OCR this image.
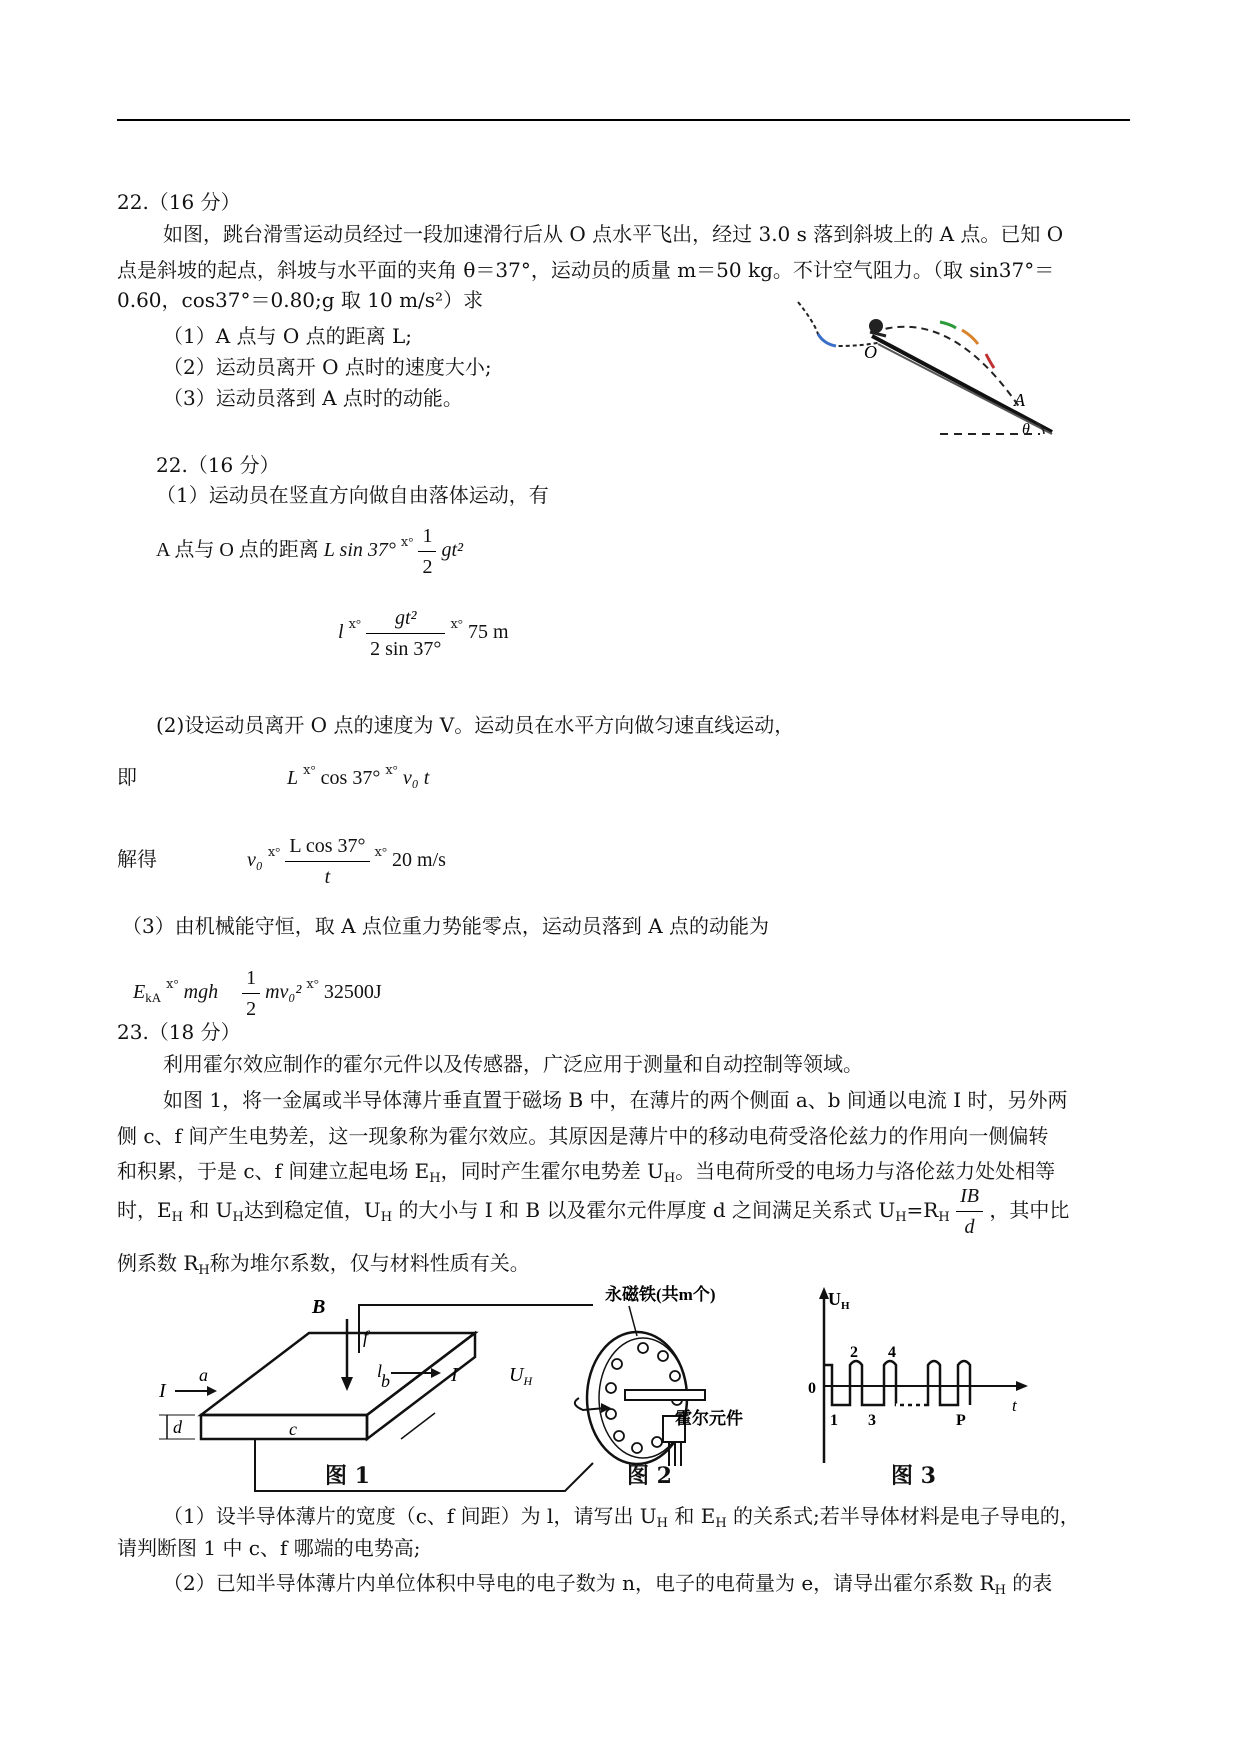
22.（16 分）
如图，跳台滑雪运动员经过一段加速滑行后从 O 点水平飞出，经过 3.0 s 落到斜坡上的 A 点。已知 O
点是斜坡的起点，斜坡与水平面的夹角 θ＝37°，运动员的质量 m＝50 kg。不计空气阻力。（取 sin37°＝
0.60，cos37°＝0.80;g 取 10 m/s²）求
（1）A 点与 O 点的距离 L;
（2）运动员离开 O 点时的速度大小;
（3）运动员落到 A 点时的动能。
O
A
θ
22.（16 分）
（1）运动员在竖直方向做自由落体运动，有
A 点与 O 点的距离 L sin 37° $^{ⅹ^\circ} \frac{1}{2} gt^2$
l $^{ⅹ^\circ} \frac{\text{gt²}}{2 \sin 37^\circ} ^{ⅹ^\circ}$ 75 m
(2)设运动员离开 O 点的速度为 V。运动员在水平方向做匀速直线运动，
即	L $^{ⅹ^\circ}$ cos 37° $^{ⅹ^\circ}$ v₀ t
解得	v₀ $^{ⅹ^\circ} \frac{\text{L cos 37°}}{t} ^{ⅹ^\circ}$ 20 m/s
（3）由机械能守恒，取 A 点位重力势能零点，运动员落到 A 点的动能为
$E_{kA}$ $^{ⅹ^\circ}$ mgh $\frac{1}{2} mv_0^2$ $^{ⅹ^\circ}$ 32500J
23.（18 分）
利用霍尔效应制作的霍尔元件以及传感器，广泛应用于测量和自动控制等领域。
如图 1，将一金属或半导体薄片垂直置于磁场 B 中，在薄片的两个侧面 a、b 间通以电流 I 时，另外两
侧 c、f 间产生电势差，这一现象称为霍尔效应。其原因是薄片中的移动电荷受洛伦兹力的作用向一侧偏转
和积累，于是 c、f 间建立起电场 $E_H$，同时产生霍尔电势差 $U_H$。当电荷所受的电场力与洛伦兹力处处相等
时，$E_H$ 和 $U_H$达到稳定值，$U_H$ 的大小与 I 和 B 以及霍尔元件厚度 d 之间满足关系式 $U_H=R_H \frac{IB}{d}$ ，其中比
例系数 $R_H$称为堆尔系数，仅与材料性质有关。
B
f
c
I
a	b	I	$U_H$
l
d
永磁铁(共m个)
霍尔元件
$U_H$
0
t
1
2
3
4
P
图 1	图 2	图 3
（1）设半导体薄片的宽度（c、f 间距）为 l，请写出 $U_H$ 和 $E_H$ 的关系式;若半导体材料是电子导电的，
请判断图 1 中 c、f 哪端的电势高;
（2）已知半导体薄片内单位体积中导电的电子数为 n，电子的电荷量为 e，请导出霍尔系数 $R_H$ 的表
